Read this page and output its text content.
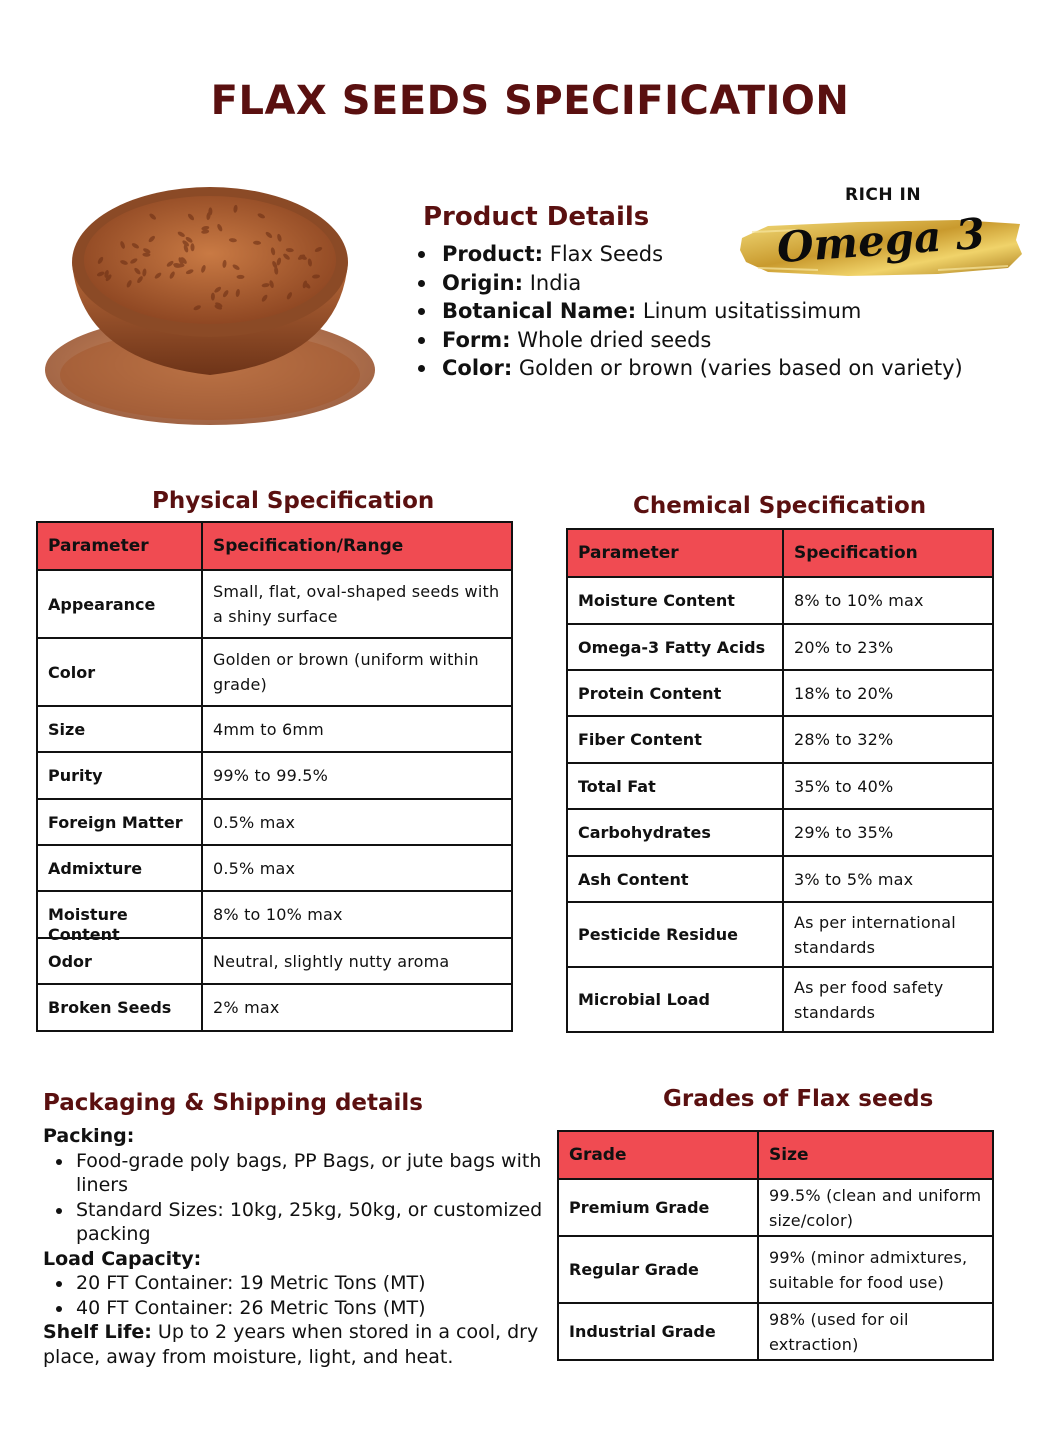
FLAX SEEDS SPECIFICATION
Product Details
Product: Flax Seeds
Origin: India
Botanical Name: Linum usitatissimum
Form: Whole dried seeds
Color: Golden or brown (varies based on variety)
RICH IN
Omega 3
Physical Specification
Parameter	Specification/Range
Appearance	Small, flat, oval-shaped seeds with a shiny surface
Color	Golden or brown (uniform within grade)
Size	4mm to 6mm
Purity	99% to 99.5%
Foreign Matter	0.5% max
Admixture	0.5% max

Moisture Content	8% to 10% max
Odor	Neutral, slightly nutty aroma
Broken Seeds	2% max
Chemical Specification
Parameter	Specification
Moisture Content	8% to 10% max
Omega-3 Fatty Acids	20% to 23%
Protein Content	18% to 20%
Fiber Content	28% to 32%
Total Fat	35% to 40%
Carbohydrates	29% to 35%
Ash Content	3% to 5% max
Pesticide Residue	As per international standards
Microbial Load	As per food safety standards
Packaging & Shipping details
Packing:
Food-grade poly bags, PP Bags, or jute bags with liners
Standard Sizes: 10kg, 25kg, 50kg, or customized packing
Load Capacity:
20 FT Container: 19 Metric Tons (MT)
40 FT Container: 26 Metric Tons (MT)

Shelf Life: Up to 2 years when stored in a cool, dry place, away from moisture, light, and heat.

Grades of Flax seeds
Grade	Size
Premium Grade	99.5% (clean and uniform size/color)
Regular Grade	99% (minor admixtures, suitable for food use)
Industrial Grade	98% (used for oil extraction)
